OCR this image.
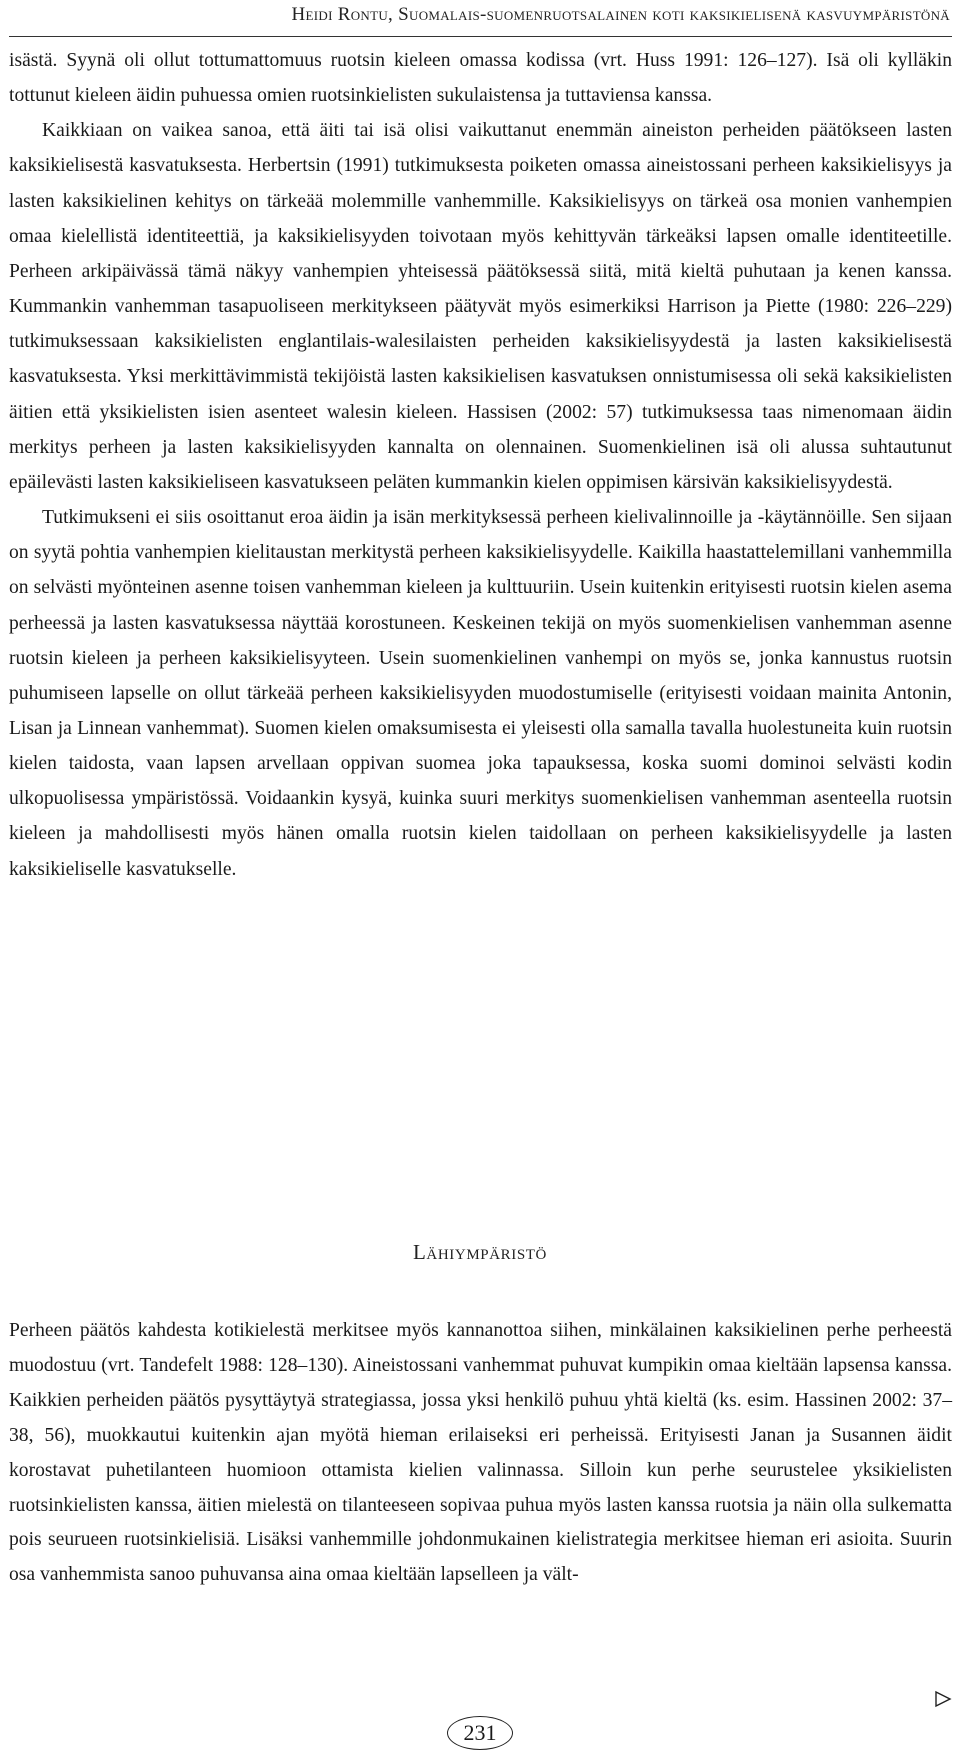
Heidi Rontu, Suomalais-suomenruotsalainen koti kaksikielisenä kasvuympäristönä

isästä. Syynä oli ollut tottumattomuus ruotsin kieleen omassa kodissa (vrt. Huss 1991: 126–127). Isä oli kylläkin tottunut kieleen äidin puhuessa omien ruotsinkielisten sukulaistensa ja tuttaviensa kanssa.

Kaikkiaan on vaikea sanoa, että äiti tai isä olisi vaikuttanut enemmän aineiston perheiden päätökseen lasten kaksikielisestä kasvatuksesta. Herbertsin (1991) tutkimuksesta poiketen omassa aineistossani perheen kaksikielisyys ja lasten kaksikielinen kehitys on tärkeää molemmille vanhemmille. Kaksikielisyys on tärkeä osa monien vanhempien omaa kielellistä identiteettiä, ja kaksikielisyyden toivotaan myös kehittyvän tärkeäksi lapsen omalle identiteetille. Perheen arkipäivässä tämä näkyy vanhempien yhteisessä päätöksessä siitä, mitä kieltä puhutaan ja kenen kanssa. Kummankin vanhemman tasapuoliseen merkitykseen päätyvät myös esimerkiksi Harrison ja Piette (1980: 226–229) tutkimuksessaan kaksikielisten englantilais-walesilaisten perheiden kaksikielisyydestä ja lasten kaksikielisestä kasvatuksesta. Yksi merkittävimmistä tekijöistä lasten kaksikielisen kasvatuksen onnistumisessa oli sekä kaksikielisten äitien että yksikielisten isien asenteet walesin kieleen. Hassisen (2002: 57) tutkimuksessa taas nimenomaan äidin merkitys perheen ja lasten kaksikielisyyden kannalta on olennainen. Suomenkielinen isä oli alussa suhtautunut epäilevästi lasten kaksikieliseen kasvatukseen peläten kummankin kielen oppimisen kärsivän kaksikielisyydestä.

Tutkimukseni ei siis osoittanut eroa äidin ja isän merkityksessä perheen kielivalinnoille ja -käytännöille. Sen sijaan on syytä pohtia vanhempien kielitaustan merkitystä perheen kaksikielisyydelle. Kaikilla haastattelemillani vanhemmilla on selvästi myönteinen asenne toisen vanhemman kieleen ja kulttuuriin. Usein kuitenkin erityisesti ruotsin kielen asema perheessä ja lasten kasvatuksessa näyttää korostuneen. Keskeinen tekijä on myös suomenkielisen vanhemman asenne ruotsin kieleen ja perheen kaksikielisyyteen. Usein suomenkielinen vanhempi on myös se, jonka kannustus ruotsin puhumiseen lapselle on ollut tärkeää perheen kaksikielisyyden muodostumiselle (erityisesti voidaan mainita Antonin, Lisan ja Linnean vanhemmat). Suomen kielen omaksumisesta ei yleisesti olla samalla tavalla huolestuneita kuin ruotsin kielen taidosta, vaan lapsen arvellaan oppivan suomea joka tapauksessa, koska suomi dominoi selvästi kodin ulkopuolisessa ympäristössä. Voidaankin kysyä, kuinka suuri merkitys suomenkielisen vanhemman asenteella ruotsin kieleen ja mahdollisesti myös hänen omalla ruotsin kielen taidollaan on perheen kaksikielisyydelle ja lasten kaksikieliselle kasvatukselle.

Lähiympäristö

Perheen päätös kahdesta kotikielestä merkitsee myös kannanottoa siihen, minkälainen kaksikielinen perhe perheestä muodostuu (vrt. Tandefelt 1988: 128–130). Aineistossani vanhemmat puhuvat kumpikin omaa kieltään lapsensa kanssa. Kaikkien perheiden päätös pysyttäytyä strategiassa, jossa yksi henkilö puhuu yhtä kieltä (ks. esim. Hassinen 2002: 37–38, 56), muokkautui kuitenkin ajan myötä hieman erilaiseksi eri perheissä. Erityisesti Janan ja Susannen äidit korostavat puhetilanteen huomioon ottamista kielien valinnassa. Silloin kun perhe seurustelee yksikielisten ruotsinkielisten kanssa, äitien mielestä on tilanteeseen sopivaa puhua myös lasten kanssa ruotsia ja näin olla sulkematta pois seurueen ruotsinkielisiä. Lisäksi vanhemmille johdonmukainen kielistrategia merkitsee hieman eri asioita. Suurin osa vanhemmista sanoo puhuvansa aina omaa kieltään lapselleen ja vält-

231
